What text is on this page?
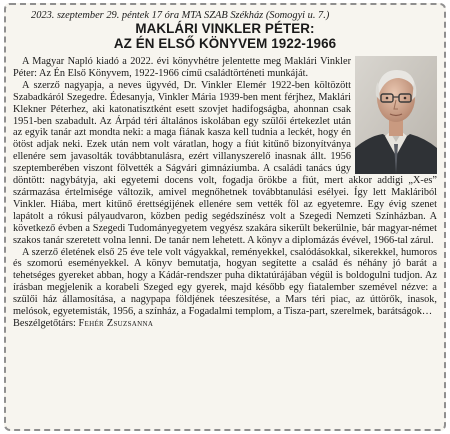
2023. szeptember 29. péntek 17 óra MTA SZAB Székház (Somogyi u. 7.)
MAKLÁRI VINKLER PÉTER:
AZ ÉN ELSŐ KÖNYVEM 1922-1966

A Magyar Napló kiadó a 2022. évi könyvhétre jelentette meg Maklári Vinkler Péter: Az Én Első Könyvem, 1922-1966 című családtörténeti munkáját.

A szerző nagyapja, a neves ügyvéd, Dr. Vinkler Elemér 1922-ben költözött Szabadkáról Szegedre. Édesanyja, Vinkler Mária 1939-ben ment férjhez, Maklári Klekner Péterhez, aki katonatisztként esett szovjet hadifogságba, ahonnan csak 1951-ben szabadult. Az Árpád téri általános iskolában egy szülői értekezlet után az egyik tanár azt mondta neki: a maga fiának kasza kell tudnia a leckét, hogy én ötöst adjak neki. Ezek után nem volt váratlan, hogy a fiút kitűnő bizonyítványa ellenére sem javasolták továbbtanulásra, ezért villanyszerelő inasnak állt. 1956 szeptemberében viszont fölvették a Ságvári gimnáziumba. A családi tanács úgy döntött: nagybátyja, aki egyetemi docens volt, fogadja örökbe a fiút, mert akkor addigi „X-es” származása értelmisége változik, amivel megnőhetnek továbbtanulási esélyei. Így lett Makláriból Vinkler. Hiába, mert kitűnő érettségijének ellenére sem vették föl az egyetemre. Egy évig szenet lapátolt a rókusi pályaudvaron, közben pedig segédszínész volt a Szegedi Nemzeti Színházban. A következő évben a Szegedi Tudományegyetem vegyész szakára sikerült bekerülnie, bár magyar-német szakos tanár szeretett volna lenni. De tanár nem lehetett. A könyv a diplomázás évével, 1966-tal zárul.

A szerző életének első 25 éve tele volt vágyakkal, reményekkel, csalódásokkal, sikerekkel, humoros és szomorú eseményekkel. A könyv bemutatja, hogyan segítette a család és néhány jó barát a tehetséges gyereket abban, hogy a Kádár-rendszer puha diktatúrájában végül is boldogulni tudjon. Az írásban megjelenik a korabeli Szeged egy gyerek, majd később egy fiatalember szemével nézve: a szülői ház államosítása, a nagypapa földjének téeszesítése, a Mars téri piac, az úttörők, inasok, melósok, egyetemisták, 1956, a színház, a Fogadalmi templom, a Tisza-part, szerelmek, barátságok…

Beszélgetőtárs: Fehér Zsuzsanna
